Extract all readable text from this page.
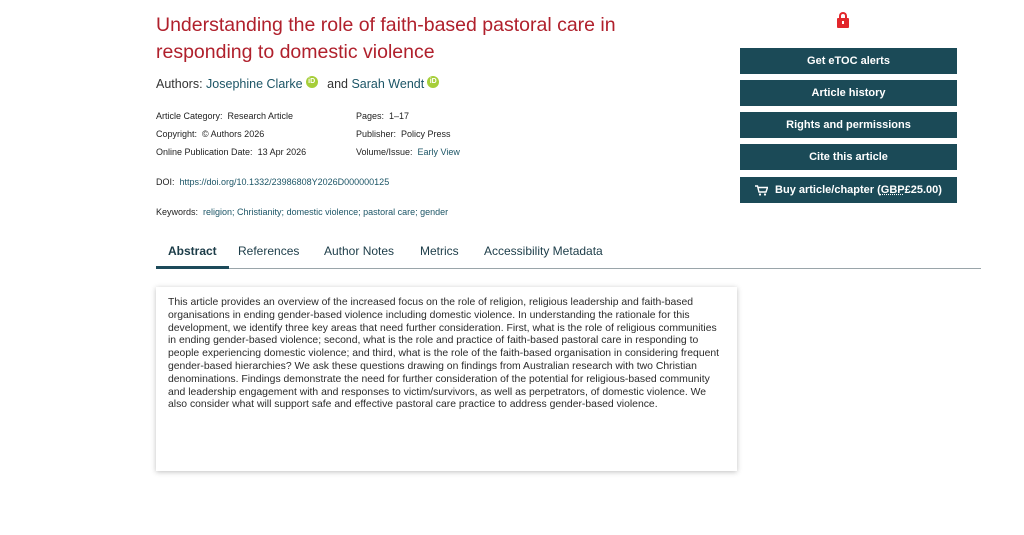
Understanding the role of faith-based pastoral care in responding to domestic violence
Authors: Josephine Clarke iD and Sarah Wendt iD
Article Category: Research Article
Copyright: © Authors 2026
Online Publication Date: 13 Apr 2026
Pages: 1–17
Publisher: Policy Press
Volume/Issue: Early View
DOI: https://doi.org/10.1332/23986808Y2026D000000125
Keywords: religion; Christianity; domestic violence; pastoral care; gender
Abstract	References Author Notes Metrics Accessibility Metadata
This article provides an overview of the increased focus on the role of religion, religious leadership and faith-based organisations in ending gender-based violence including domestic violence. In understanding the rationale for this development, we identify three key areas that need further consideration. First, what is the role of religious communities in ending gender-based violence; second, what is the role and practice of faith-based pastoral care in responding to people experiencing domestic violence; and third, what is the role of the faith-based organisation in considering frequent gender-based hierarchies? We ask these questions drawing on findings from Australian research with two Christian denominations. Findings demonstrate the need for further consideration of the potential for religious-based community and leadership engagement with and responses to victim/survivors, as well as perpetrators, of domestic violence. We also consider what will support safe and effective pastoral care practice to address gender-based violence.
Get eTOC alerts
Article history
Rights and permissions
Cite this article
Buy article/chapter ( GBP £25.00)
